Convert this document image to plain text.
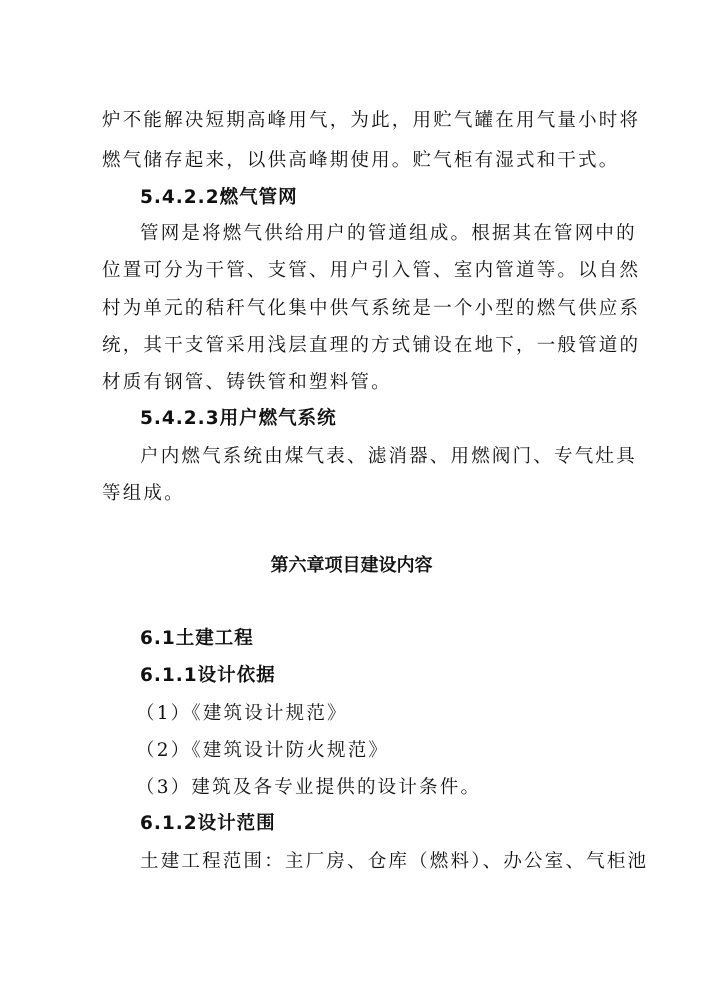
炉不能解决短期高峰用气，为此，用贮气罐在用气量小时将
燃气储存起来，以供高峰期使用。贮气柜有湿式和干式。
5.4.2.2燃气管网
管网是将燃气供给用户的管道组成。根据其在管网中的
位置可分为干管、支管、用户引入管、室内管道等。以自然
村为单元的秸秆气化集中供气系统是一个小型的燃气供应系
统，其干支管采用浅层直理的方式铺设在地下，一般管道的
材质有钢管、铸铁管和塑料管。
5.4.2.3用户燃气系统
户内燃气系统由煤气表、滤消器、用燃阀门、专气灶具
等组成。
第六章项目建设内容
6.1土建工程
6.1.1设计依据
（1）《建筑设计规范》
（2）《建筑设计防火规范》
（3）建筑及各专业提供的设计条件。
6.1.2设计范围
土建工程范围：主厂房、仓库（燃料）、办公室、气柜池
